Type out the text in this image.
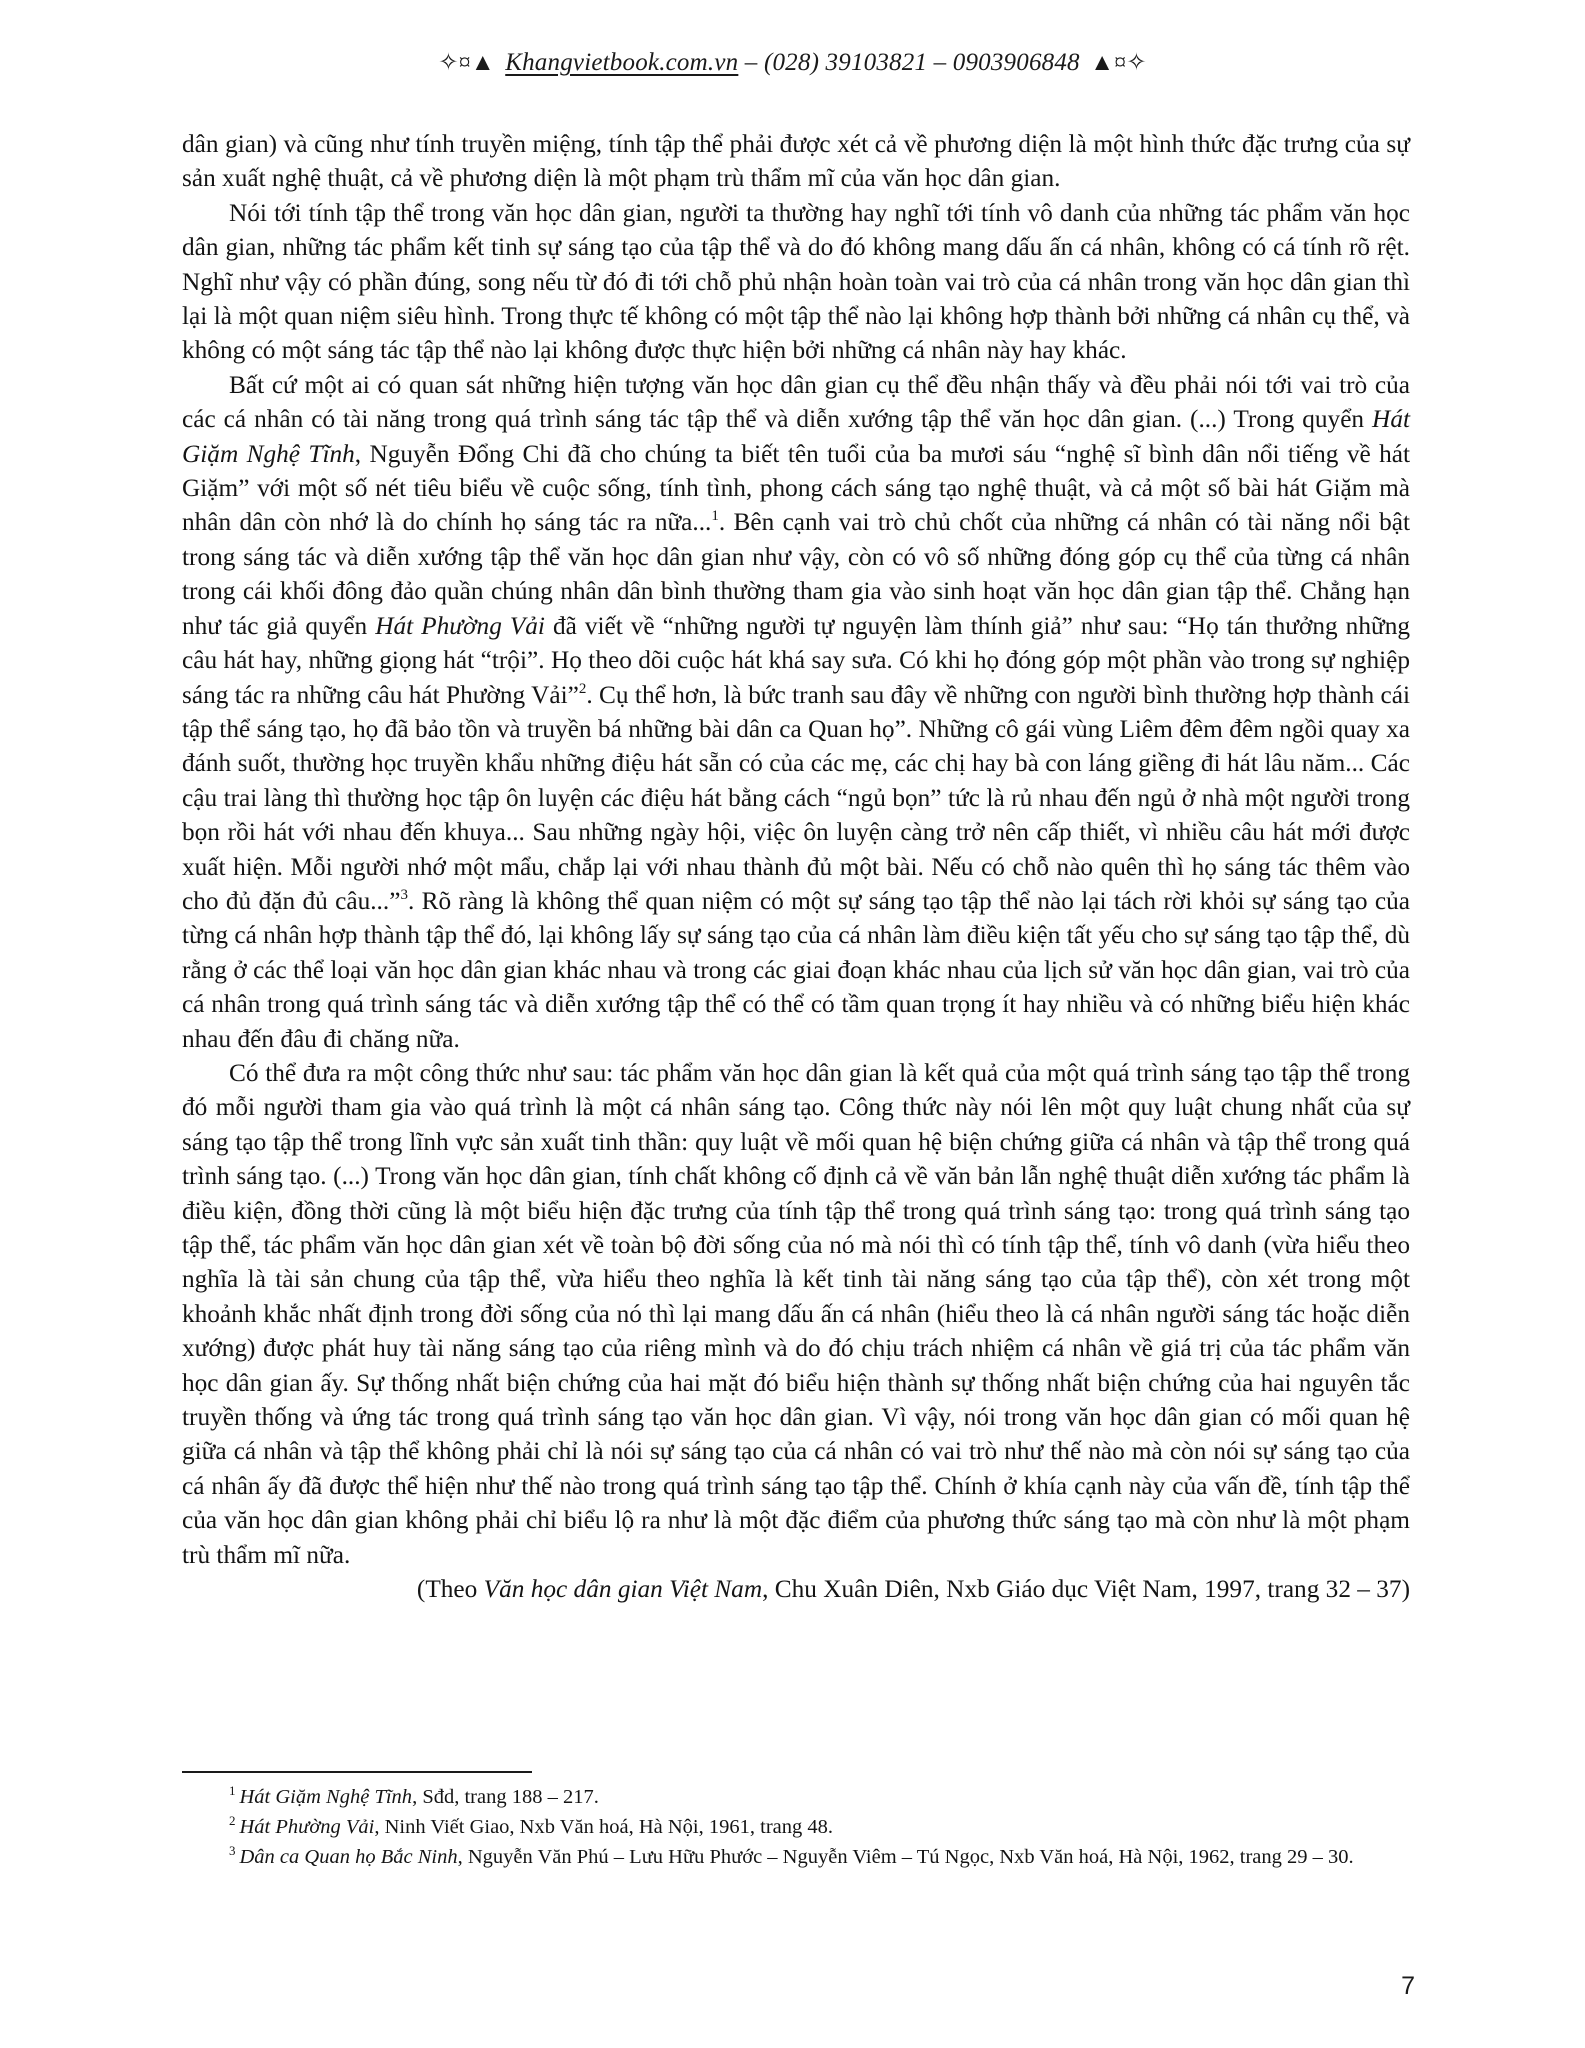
✧¤▲ Khangvietbook.com.vn – (028) 39103821 – 0903906848 ▲¤✧

dân gian) và cũng như tính truyền miệng, tính tập thể phải được xét cả về phương diện là một hình thức đặc trưng của sự sản xuất nghệ thuật, cả về phương diện là một phạm trù thẩm mĩ của văn học dân gian.

Nói tới tính tập thể trong văn học dân gian, người ta thường hay nghĩ tới tính vô danh của những tác phẩm văn học dân gian, những tác phẩm kết tinh sự sáng tạo của tập thể và do đó không mang dấu ấn cá nhân, không có cá tính rõ rệt. Nghĩ như vậy có phần đúng, song nếu từ đó đi tới chỗ phủ nhận hoàn toàn vai trò của cá nhân trong văn học dân gian thì lại là một quan niệm siêu hình. Trong thực tế không có một tập thể nào lại không hợp thành bởi những cá nhân cụ thể, và không có một sáng tác tập thể nào lại không được thực hiện bởi những cá nhân này hay khác.

Bất cứ một ai có quan sát những hiện tượng văn học dân gian cụ thể đều nhận thấy và đều phải nói tới vai trò của các cá nhân có tài năng trong quá trình sáng tác tập thể và diễn xướng tập thể văn học dân gian. (...) Trong quyển Hát Giặm Nghệ Tĩnh, Nguyễn Đổng Chi đã cho chúng ta biết tên tuổi của ba mươi sáu “nghệ sĩ bình dân nổi tiếng về hát Giặm” với một số nét tiêu biểu về cuộc sống, tính tình, phong cách sáng tạo nghệ thuật, và cả một số bài hát Giặm mà nhân dân còn nhớ là do chính họ sáng tác ra nữa...$^1$. Bên cạnh vai trò chủ chốt của những cá nhân có tài năng nổi bật trong sáng tác và diễn xướng tập thể văn học dân gian như vậy, còn có vô số những đóng góp cụ thể của từng cá nhân trong cái khối đông đảo quần chúng nhân dân bình thường tham gia vào sinh hoạt văn học dân gian tập thể. Chẳng hạn như tác giả quyển Hát Phường Vải đã viết về “những người tự nguyện làm thính giả” như sau: “Họ tán thưởng những câu hát hay, những giọng hát “trội”. Họ theo dõi cuộc hát khá say sưa. Có khi họ đóng góp một phần vào trong sự nghiệp sáng tác ra những câu hát Phường Vải”$^2$. Cụ thể hơn, là bức tranh sau đây về những con người bình thường hợp thành cái tập thể sáng tạo, họ đã bảo tồn và truyền bá những bài dân ca Quan họ”. Những cô gái vùng Liêm đêm đêm ngồi quay xa đánh suốt, thường học truyền khẩu những điệu hát sẵn có của các mẹ, các chị hay bà con láng giềng đi hát lâu năm... Các cậu trai làng thì thường học tập ôn luyện các điệu hát bằng cách “ngủ bọn” tức là rủ nhau đến ngủ ở nhà một người trong bọn rồi hát với nhau đến khuya... Sau những ngày hội, việc ôn luyện càng trở nên cấp thiết, vì nhiều câu hát mới được xuất hiện. Mỗi người nhớ một mẩu, chắp lại với nhau thành đủ một bài. Nếu có chỗ nào quên thì họ sáng tác thêm vào cho đủ đặn đủ câu...”$^3$. Rõ ràng là không thể quan niệm có một sự sáng tạo tập thể nào lại tách rời khỏi sự sáng tạo của từng cá nhân hợp thành tập thể đó, lại không lấy sự sáng tạo của cá nhân làm điều kiện tất yếu cho sự sáng tạo tập thể, dù rằng ở các thể loại văn học dân gian khác nhau và trong các giai đoạn khác nhau của lịch sử văn học dân gian, vai trò của cá nhân trong quá trình sáng tác và diễn xướng tập thể có thể có tầm quan trọng ít hay nhiều và có những biểu hiện khác nhau đến đâu đi chăng nữa.

Có thể đưa ra một công thức như sau: tác phẩm văn học dân gian là kết quả của một quá trình sáng tạo tập thể trong đó mỗi người tham gia vào quá trình là một cá nhân sáng tạo. Công thức này nói lên một quy luật chung nhất của sự sáng tạo tập thể trong lĩnh vực sản xuất tinh thần: quy luật về mối quan hệ biện chứng giữa cá nhân và tập thể trong quá trình sáng tạo. (...) Trong văn học dân gian, tính chất không cố định cả về văn bản lẫn nghệ thuật diễn xướng tác phẩm là điều kiện, đồng thời cũng là một biểu hiện đặc trưng của tính tập thể trong quá trình sáng tạo: trong quá trình sáng tạo tập thể, tác phẩm văn học dân gian xét về toàn bộ đời sống của nó mà nói thì có tính tập thể, tính vô danh (vừa hiểu theo nghĩa là tài sản chung của tập thể, vừa hiểu theo nghĩa là kết tinh tài năng sáng tạo của tập thể), còn xét trong một khoảnh khắc nhất định trong đời sống của nó thì lại mang dấu ấn cá nhân (hiểu theo là cá nhân người sáng tác hoặc diễn xướng) được phát huy tài năng sáng tạo của riêng mình và do đó chịu trách nhiệm cá nhân về giá trị của tác phẩm văn học dân gian ấy. Sự thống nhất biện chứng của hai mặt đó biểu hiện thành sự thống nhất biện chứng của hai nguyên tắc truyền thống và ứng tác trong quá trình sáng tạo văn học dân gian. Vì vậy, nói trong văn học dân gian có mối quan hệ giữa cá nhân và tập thể không phải chỉ là nói sự sáng tạo của cá nhân có vai trò như thế nào mà còn nói sự sáng tạo của cá nhân ấy đã được thể hiện như thế nào trong quá trình sáng tạo tập thể. Chính ở khía cạnh này của vấn đề, tính tập thể của văn học dân gian không phải chỉ biểu lộ ra như là một đặc điểm của phương thức sáng tạo mà còn như là một phạm trù thẩm mĩ nữa.

(Theo Văn học dân gian Việt Nam, Chu Xuân Diên, Nxb Giáo dục Việt Nam, 1997, trang 32 – 37)

$^1$ Hát Giặm Nghệ Tĩnh, Sđd, trang 188 – 217.

$^2$ Hát Phường Vải, Ninh Viết Giao, Nxb Văn hoá, Hà Nội, 1961, trang 48.

$^3$ Dân ca Quan họ Bắc Ninh, Nguyễn Văn Phú – Lưu Hữu Phước – Nguyễn Viêm – Tú Ngọc, Nxb Văn hoá, Hà Nội, 1962, trang 29 – 30.

7
